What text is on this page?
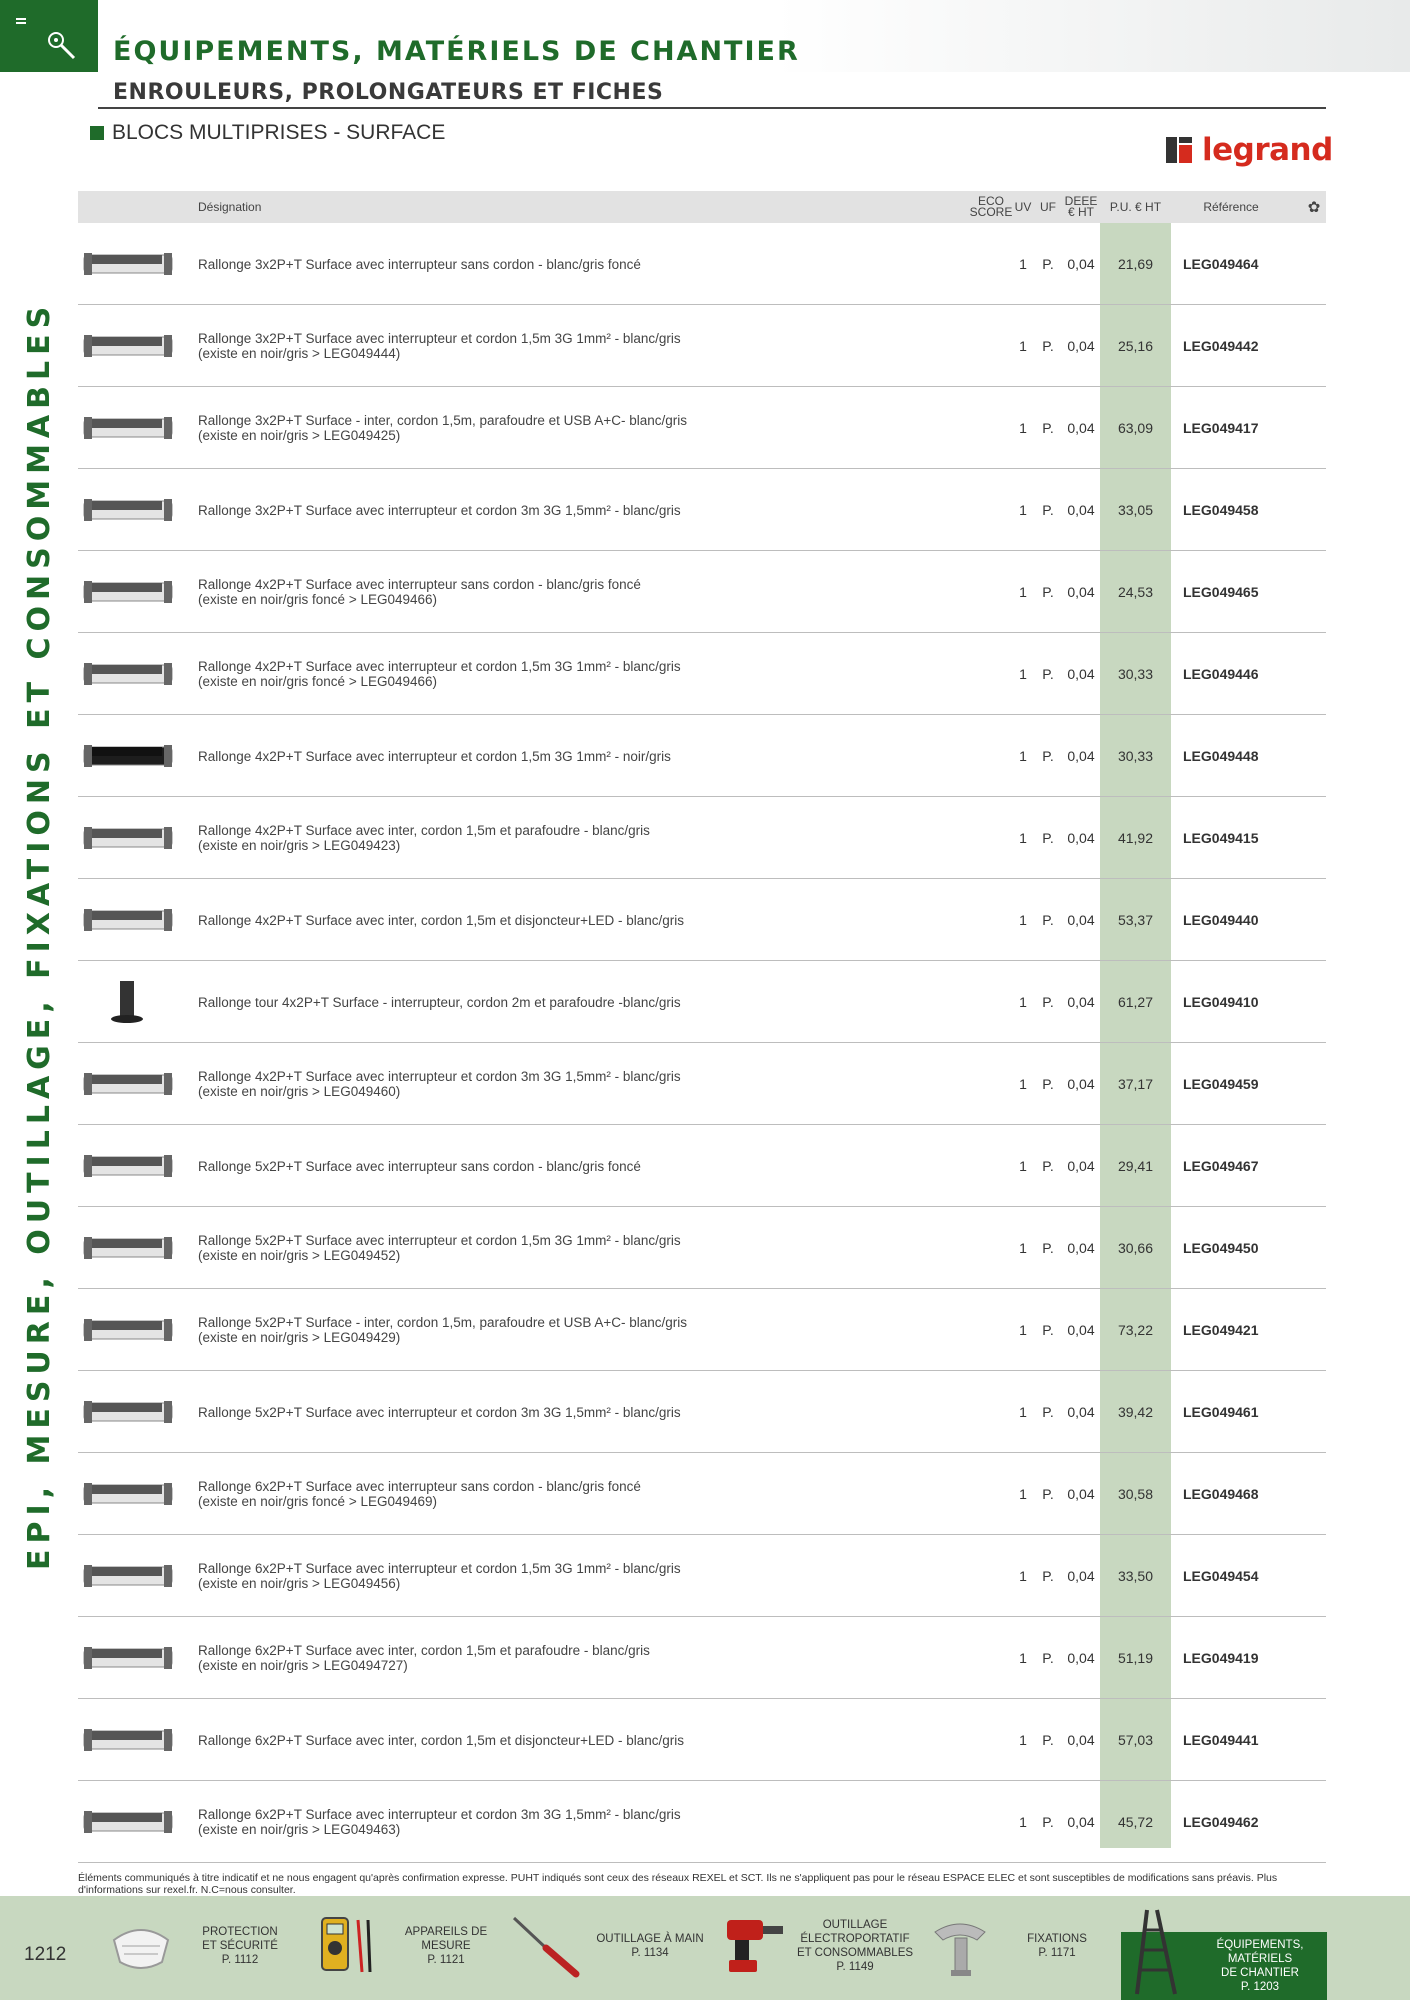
ÉQUIPEMENTS, MATÉRIELS DE CHANTIER
ENROULEURS, PROLONGATEURS ET FICHES
BLOCS MULTIPRISES - SURFACE	legrand
EPI, MESURE, OUTILLAGE, FIXATIONS ET CONSOMMABLES
Désignation	ECO SCORE UV UF DEEE € HT	P.U. € HT	Référence	✿
Rallonge 3x2P+T Surface avec interrupteur sans cordon - blanc/gris foncé	1	P. 0,04	21,69	LEG049464
Rallonge 3x2P+T Surface avec interrupteur et cordon 1,5m 3G 1mm² - blanc/gris
(existe en noir/gris > LEG049444)	1	P. 0,04	25,16	LEG049442
Rallonge 3x2P+T Surface - inter, cordon 1,5m, parafoudre et USB A+C- blanc/gris
(existe en noir/gris > LEG049425)	1	P. 0,04	63,09	LEG049417
Rallonge 3x2P+T Surface avec interrupteur et cordon 3m 3G 1,5mm² - blanc/gris	1	P. 0,04	33,05	LEG049458
Rallonge 4x2P+T Surface avec interrupteur sans cordon - blanc/gris foncé
(existe en noir/gris foncé > LEG049466)	1	P. 0,04	24,53	LEG049465
Rallonge 4x2P+T Surface avec interrupteur et cordon 1,5m 3G 1mm² - blanc/gris
(existe en noir/gris foncé > LEG049466)	1	P. 0,04	30,33	LEG049446
Rallonge 4x2P+T Surface avec interrupteur et cordon 1,5m 3G 1mm² - noir/gris	1	P. 0,04	30,33	LEG049448
Rallonge 4x2P+T Surface avec inter, cordon 1,5m et parafoudre - blanc/gris
(existe en noir/gris > LEG049423)	1	P. 0,04	41,92	LEG049415
Rallonge 4x2P+T Surface avec inter, cordon 1,5m et disjoncteur+LED - blanc/gris	1	P. 0,04	53,37	LEG049440
Rallonge tour 4x2P+T Surface - interrupteur, cordon 2m et parafoudre -blanc/gris	1	P. 0,04	61,27	LEG049410
Rallonge 4x2P+T Surface avec interrupteur et cordon 3m 3G 1,5mm² - blanc/gris
(existe en noir/gris > LEG049460)	1	P. 0,04	37,17	LEG049459
Rallonge 5x2P+T Surface avec interrupteur sans cordon - blanc/gris foncé	1	P. 0,04	29,41	LEG049467
Rallonge 5x2P+T Surface avec interrupteur et cordon 1,5m 3G 1mm² - blanc/gris
(existe en noir/gris > LEG049452)	1	P. 0,04	30,66	LEG049450
Rallonge 5x2P+T Surface - inter, cordon 1,5m, parafoudre et USB A+C- blanc/gris
(existe en noir/gris > LEG049429)	1	P. 0,04	73,22	LEG049421
Rallonge 5x2P+T Surface avec interrupteur et cordon 3m 3G 1,5mm² - blanc/gris	1	P. 0,04	39,42	LEG049461
Rallonge 6x2P+T Surface avec interrupteur sans cordon - blanc/gris foncé
(existe en noir/gris foncé > LEG049469)	1	P. 0,04	30,58	LEG049468
Rallonge 6x2P+T Surface avec interrupteur et cordon 1,5m 3G 1mm² - blanc/gris
(existe en noir/gris > LEG049456)	1	P. 0,04	33,50	LEG049454
Rallonge 6x2P+T Surface avec inter, cordon 1,5m et parafoudre - blanc/gris
(existe en noir/gris > LEG0494727)	1	P. 0,04	51,19	LEG049419
Rallonge 6x2P+T Surface avec inter, cordon 1,5m et disjoncteur+LED - blanc/gris	1	P. 0,04	57,03	LEG049441
Rallonge 6x2P+T Surface avec interrupteur et cordon 3m 3G 1,5mm² - blanc/gris
(existe en noir/gris > LEG049463)	1	P. 0,04	45,72	LEG049462
Éléments communiqués à titre indicatif et ne nous engagent qu'après confirmation expresse. PUHT indiqués sont ceux des réseaux REXEL et SCT. Ils ne s'appliquent pas pour le réseau ESPACE ELEC et sont susceptibles de modifications sans préavis. Plus d'informations sur rexel.fr. N.C=nous consulter.
1212
PROTECTION
ET SÉCURITÉ
P. 1112
APPAREILS DE MESURE
P. 1121
OUTILLAGE À MAIN
P. 1134
OUTILLAGE
ÉLECTROPORTATIF
ET CONSOMMABLES
P. 1149
FIXATIONS
P. 1171
ÉQUIPEMENTS, MATÉRIELS
DE CHANTIER
P. 1203
